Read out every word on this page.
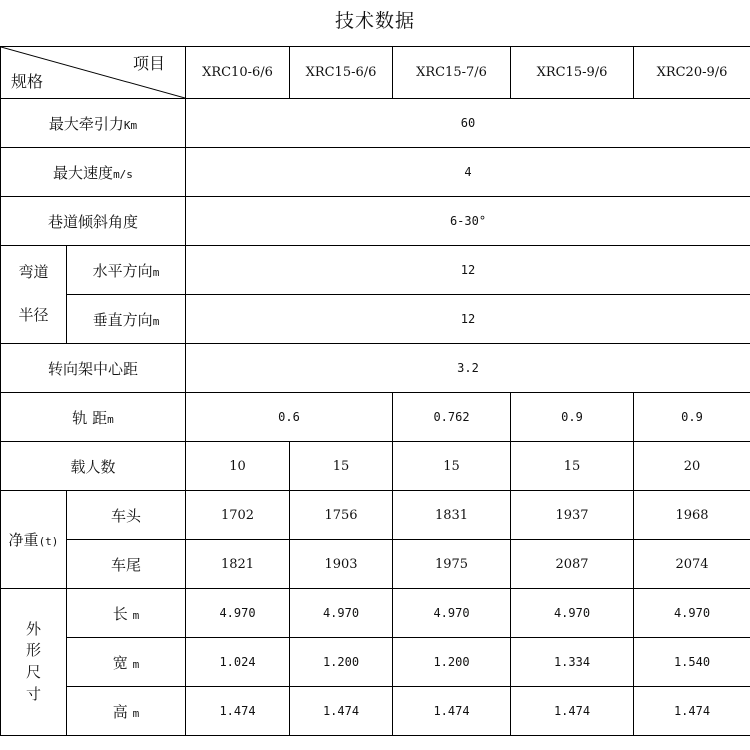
技术数据
项目
规格		XRC10-6/6	XRC15-6/6	XRC15-7/6	XRC15-9/6	XRC20-9/6
最大牵引力Km		60				
最大速度m/s		4				
巷道倾斜角度		6-30°				
弯道

半径	水平方向m	12				
	垂直方向m	12				
转向架中心距		3.2				
轨 距m		0.6		0.762	0.9	0.9
载人数		10	15	15	15	20
净重(t)	车头	1702	1756	1831	1937	1968
	车尾	1821	1903	1975	2087	2074
外
形
尺
寸	长 m	4.970	4.970	4.970	4.970	4.970
	宽 m	1.024	1.200	1.200	1.334	1.540
	高 m	1.474	1.474	1.474	1.474	1.474
